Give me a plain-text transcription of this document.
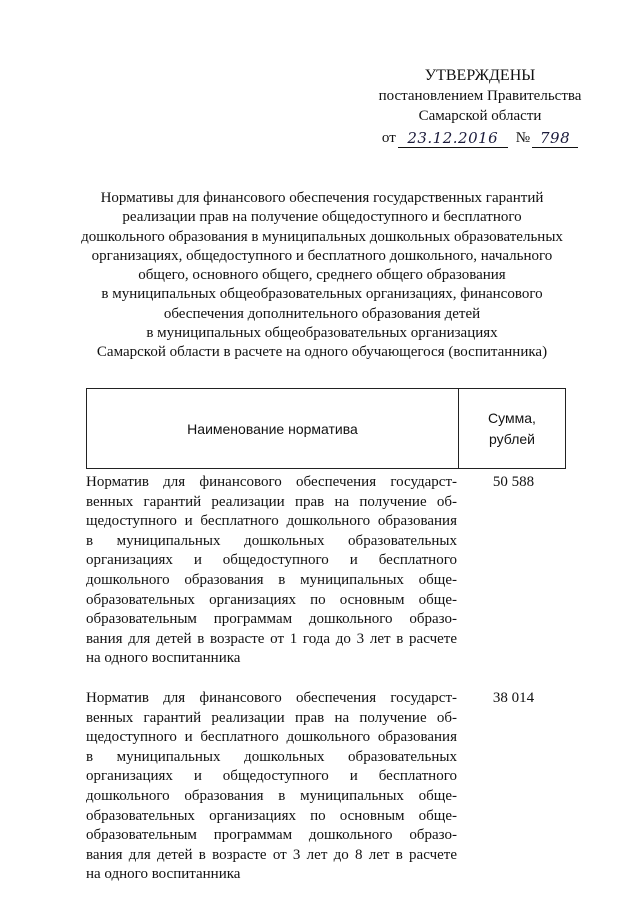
УТВЕРЖДЕНЫ
постановлением Правительства
Самарской области
от 23.12.2016	№ 798
Нормативы для финансового обеспечения государственных гарантий
реализации прав на получение общедоступного и бесплатного
дошкольного образования в муниципальных дошкольных образовательных
организациях, общедоступного и бесплатного дошкольного, начального
общего, основного общего, среднего общего образования
в муниципальных общеобразовательных организациях, финансового
обеспечения дополнительного образования детей
в муниципальных общеобразовательных организациях
Самарской области в расчете на одного обучающегося (воспитанника)
Наименование норматива
Сумма,
рублей
Норматив для финансового обеспечения государст-
венных гарантий реализации прав на получение об-
щедоступного и бесплатного дошкольного образования
в муниципальных дошкольных образовательных
организациях и общедоступного и бесплатного
дошкольного образования в муниципальных обще-
образовательных организациях по основным обще-
образовательным программам дошкольного образо-
вания для детей в возрасте от 1 года до 3 лет в расчете
на одного воспитанника
50 588
Норматив для финансового обеспечения государст-
венных гарантий реализации прав на получение об-
щедоступного и бесплатного дошкольного образования
в муниципальных дошкольных образовательных
организациях и общедоступного и бесплатного
дошкольного образования в муниципальных обще-
образовательных организациях по основным обще-
образовательным программам дошкольного образо-
вания для детей в возрасте от 3 лет до 8 лет в расчете
на одного воспитанника
38 014
